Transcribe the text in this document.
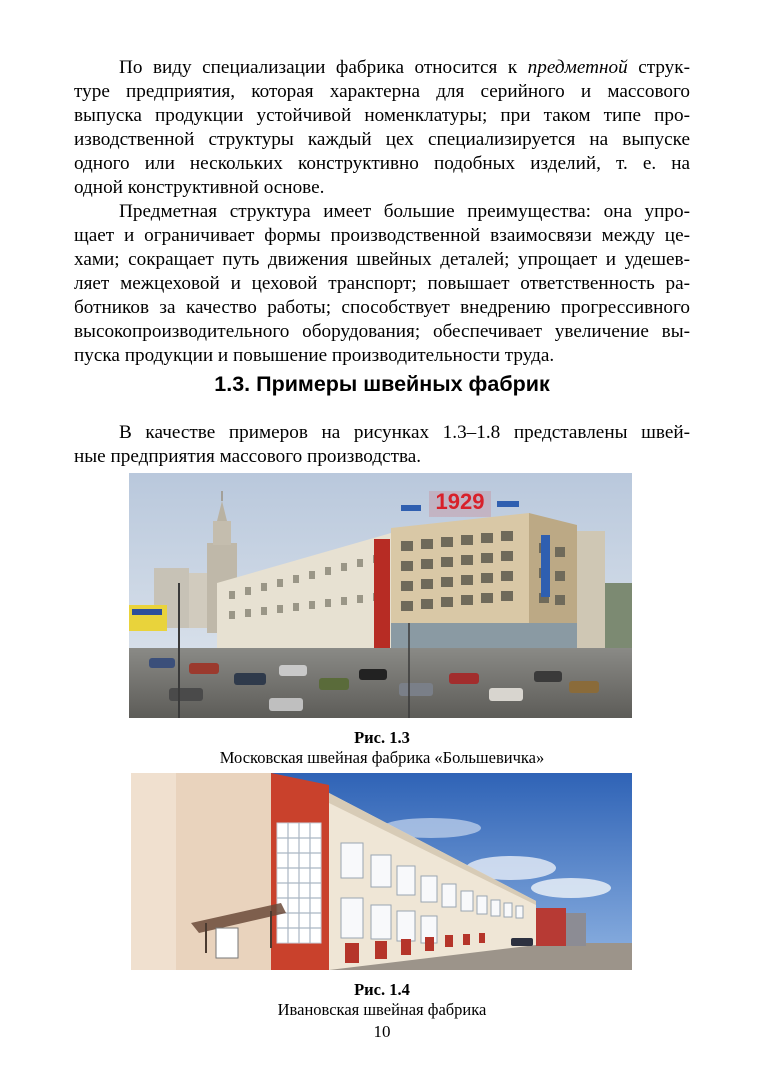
По виду специализации фабрика относится к предметной струк-
туре предприятия, которая характерна для серийного и массового
выпуска продукции устойчивой номенклатуры; при таком типе про-
изводственной структуры каждый цех специализируется на выпуске
одного или нескольких конструктивно подобных изделий, т. е. на
одной конструктивной основе.

Предметная структура имеет большие преимущества: она упро-
щает и ограничивает формы производственной взаимосвязи между це-
хами; сокращает путь движения швейных деталей; упрощает и удешев-
ляет межцеховой и цеховой транспорт; повышает ответственность ра-
ботников за качество работы; способствует внедрению прогрессивного
высокопроизводительного оборудования; обеспечивает увеличение вы-
пуска продукции и повышение производительности труда.

1.3. Примеры швейных фабрик

В качестве примеров на рисунках 1.3–1.8 представлены швей-
ные предприятия массового производства.

1929
Рис. 1.3
Московская швейная фабрика «Большевичка»
Рис. 1.4
Ивановская швейная фабрика
10
